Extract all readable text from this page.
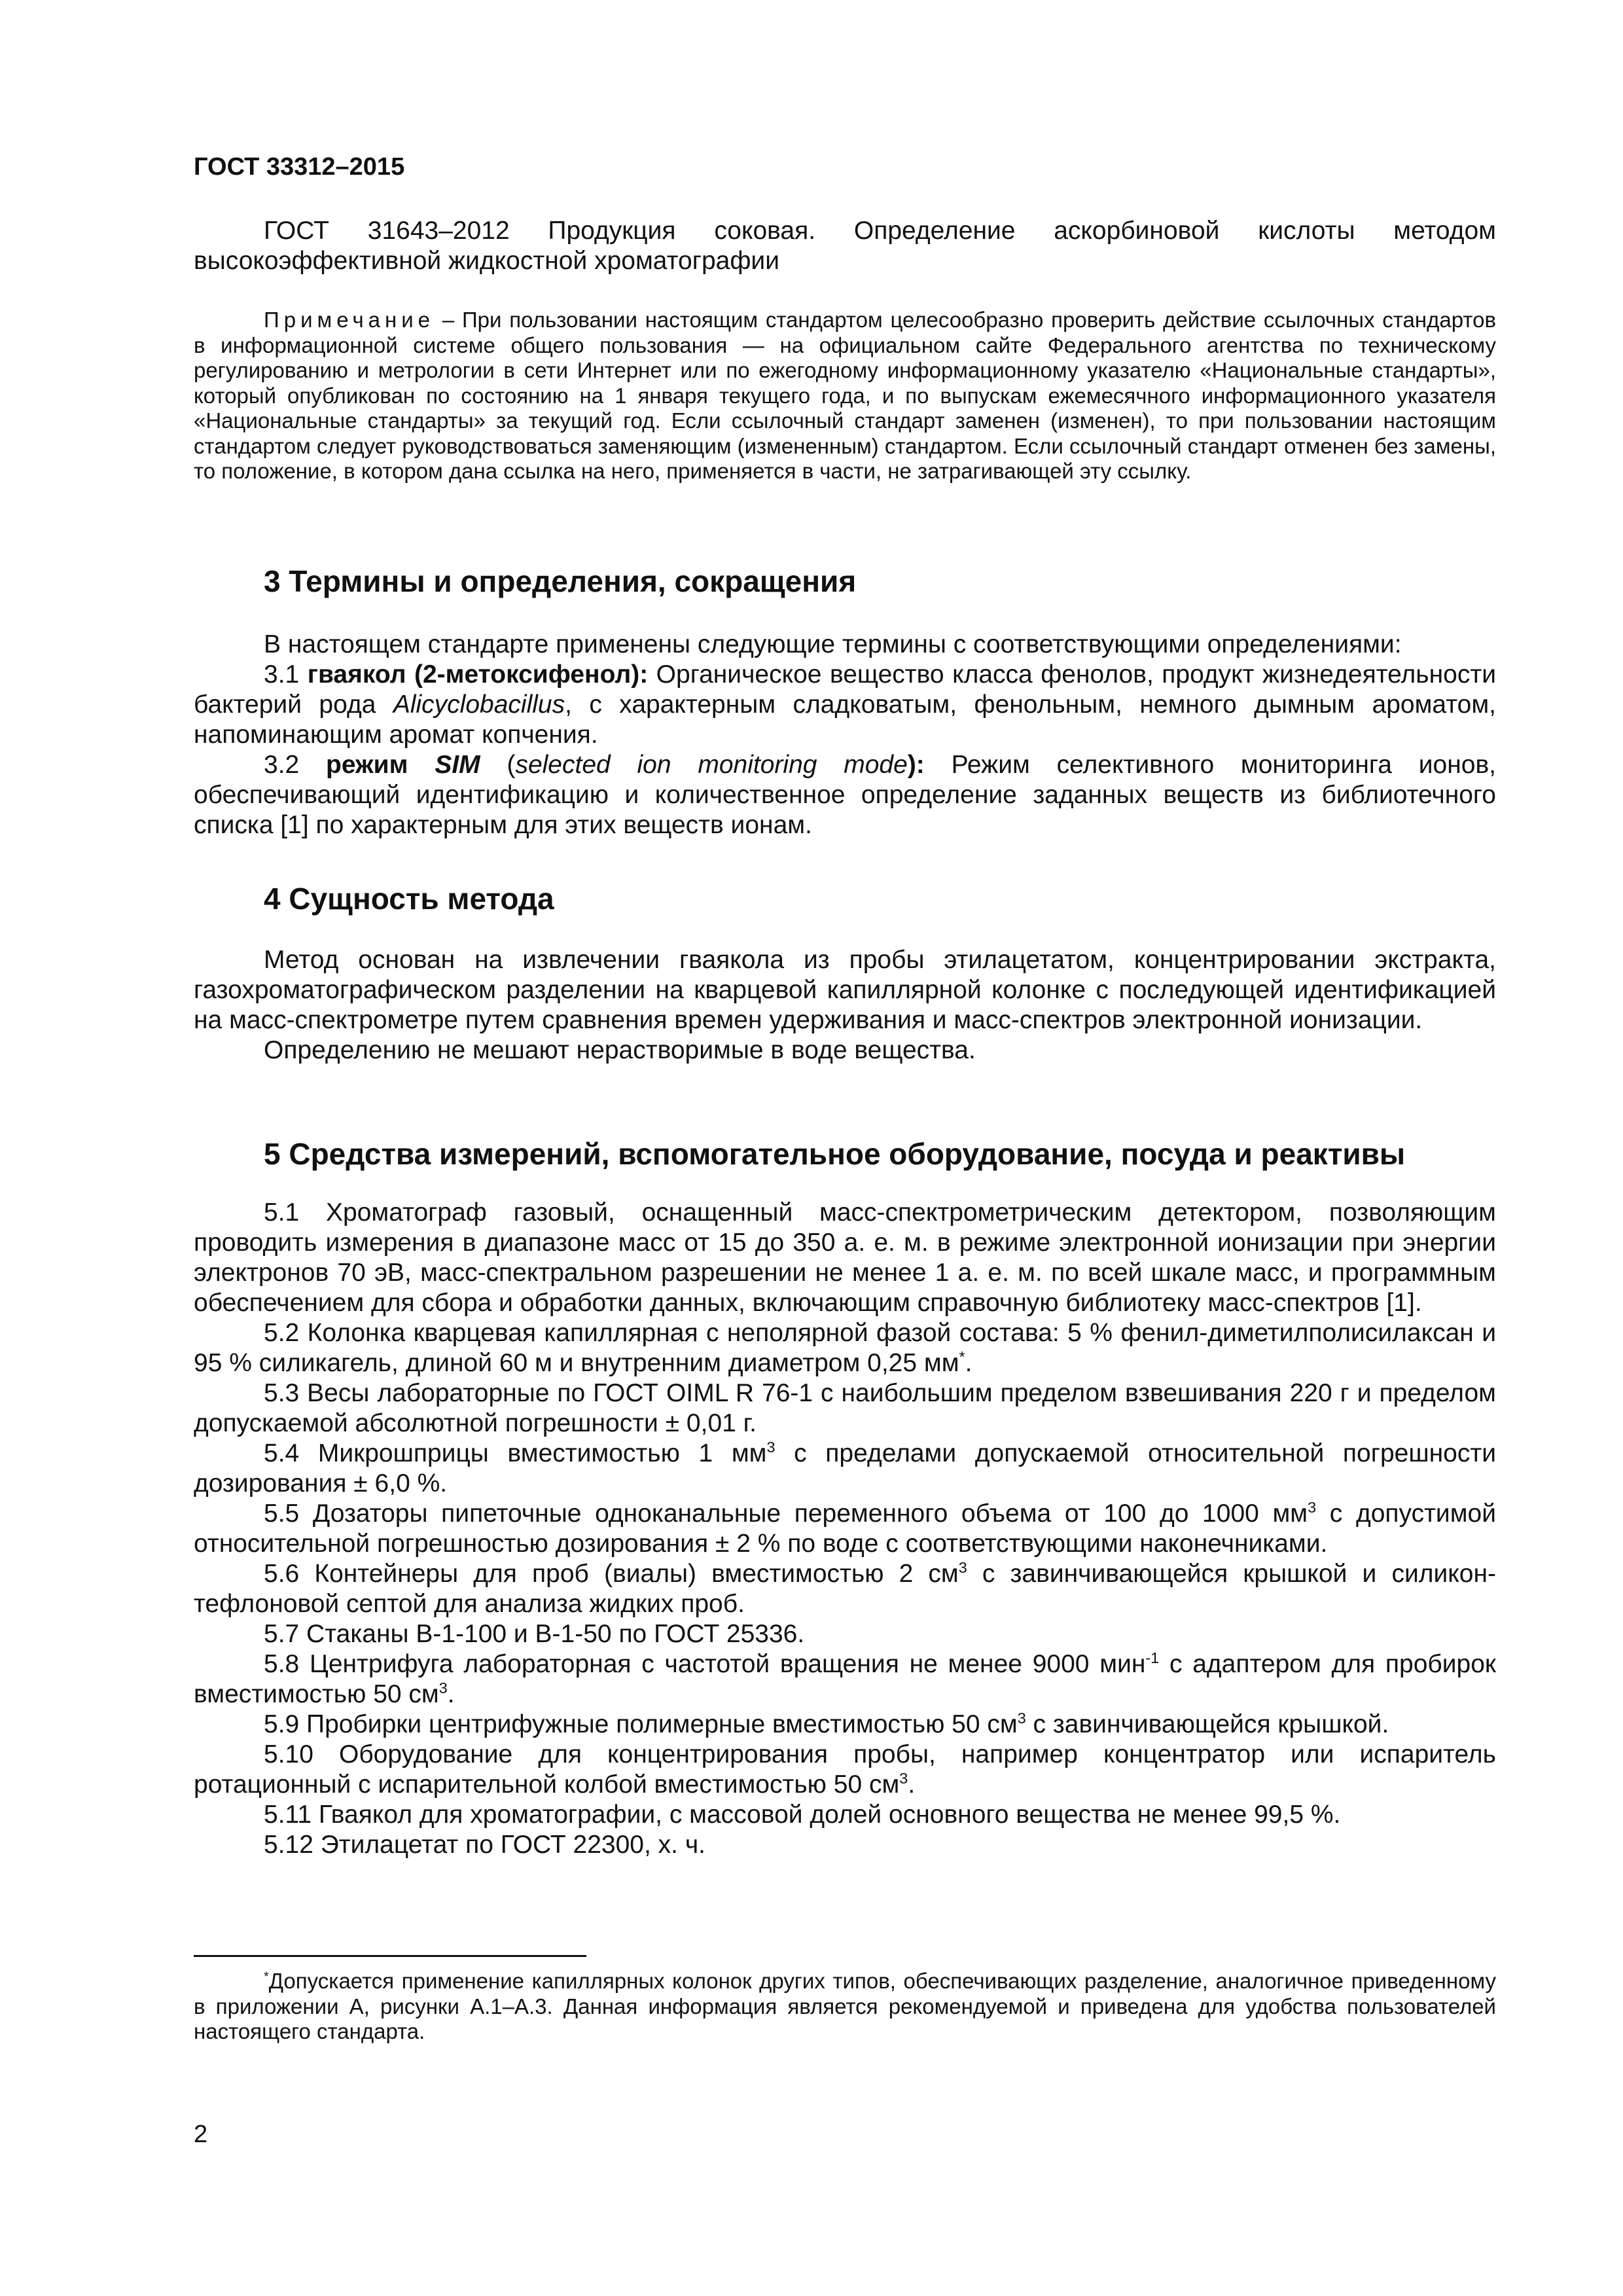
ГОСТ 33312–2015

ГОСТ 31643–2012 Продукция соковая. Определение аскорбиновой кислоты методом высокоэффективной жидкостной хроматографии

Примечание – При пользовании настоящим стандартом целесообразно проверить действие ссылочных стандартов в информационной системе общего пользования — на официальном сайте Федерального агентства по техническому регулированию и метрологии в сети Интернет или по ежегодному информационному указателю «Национальные стандарты», который опубликован по состоянию на 1 января текущего года, и по выпускам ежемесячного информационного указателя «Национальные стандарты» за текущий год. Если ссылочный стандарт заменен (изменен), то при пользовании настоящим стандартом следует руководствоваться заменяющим (измененным) стандартом. Если ссылочный стандарт отменен без замены, то положение, в котором дана ссылка на него, применяется в части, не затрагивающей эту ссылку.

3 Термины и определения, сокращения

В настоящем стандарте применены следующие термины с соответствующими определениями:

3.1 гваякол (2-метоксифенол): Органическое вещество класса фенолов, продукт жизнедеятельности бактерий рода Alicyclobacillus, с характерным сладковатым, фенольным, немного дымным ароматом, напоминающим аромат копчения.

3.2 режим SIM (selected ion monitoring mode): Режим селективного мониторинга ионов, обеспечивающий идентификацию и количественное определение заданных веществ из библиотечного списка [1] по характерным для этих веществ ионам.

4 Сущность метода

Метод основан на извлечении гваякола из пробы этилацетатом, концентрировании экстракта, газохроматографическом разделении на кварцевой капиллярной колонке с последующей идентификацией на масс-спектрометре путем сравнения времен удерживания и масс-спектров электронной ионизации.

Определению не мешают нерастворимые в воде вещества.

5 Средства измерений, вспомогательное оборудование, посуда и реактивы

5.1 Хроматограф газовый, оснащенный масс-спектрометрическим детектором, позволяющим проводить измерения в диапазоне масс от 15 до 350 а. е. м. в режиме электронной ионизации при энергии электронов 70 эВ, масс-спектральном разрешении не менее 1 а. е. м. по всей шкале масс, и программным обеспечением для сбора и обработки данных, включающим справочную библиотеку масс-спектров [1].

5.2 Колонка кварцевая капиллярная с неполярной фазой состава: 5 % фенил-диметилполисилаксан и 95 % силикагель, длиной 60 м и внутренним диаметром 0,25 мм*.

5.3 Весы лабораторные по ГОСТ OIML R 76-1 с наибольшим пределом взвешивания 220 г и пределом допускаемой абсолютной погрешности ± 0,01 г.

5.4 Микрошприцы вместимостью 1 $мм^3$ с пределами допускаемой относительной погрешности дозирования ± 6,0 %.

5.5 Дозаторы пипеточные одноканальные переменного объема от 100 до 1000 $мм^3$ с допустимой относительной погрешностью дозирования ± 2 % по воде с соответствующими наконечниками.

5.6 Контейнеры для проб (виалы) вместимостью 2 $см^3$ с завинчивающейся крышкой и силикон-тефлоновой септой для анализа жидких проб.

5.7 Стаканы В-1-100 и В-1-50 по ГОСТ 25336.

5.8 Центрифуга лабораторная с частотой вращения не менее 9000 мин$^{-1}$ с адаптером для пробирок вместимостью 50 $см^3$.

5.9 Пробирки центрифужные полимерные вместимостью 50 $см^3$ с завинчивающейся крышкой.

5.10 Оборудование для концентрирования пробы, например концентратор или испаритель ротационный с испарительной колбой вместимостью 50 $см^3$.

5.11 Гваякол для хроматографии, с массовой долей основного вещества не менее 99,5 %.

5.12 Этилацетат по ГОСТ 22300, х. ч.

*Допускается применение капиллярных колонок других типов, обеспечивающих разделение, аналогичное приведенному в приложении А, рисунки А.1–А.3. Данная информация является рекомендуемой и приведена для удобства пользователей настоящего стандарта.

2
